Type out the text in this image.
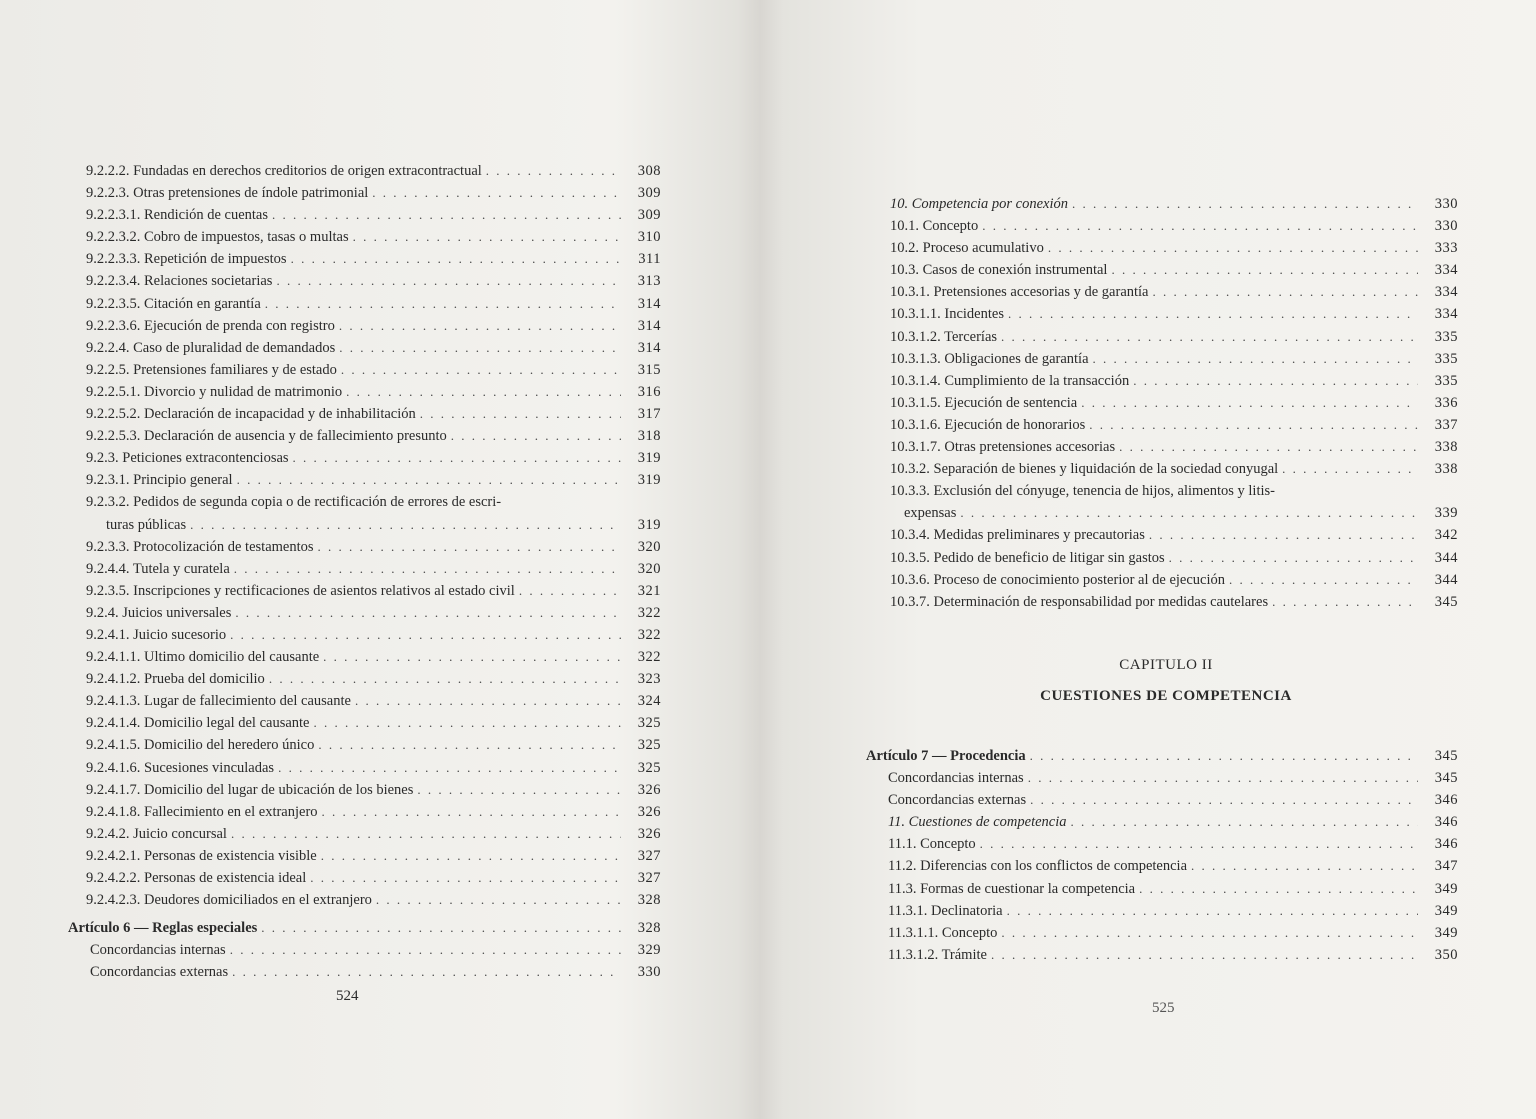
9.2.2.2. Fundadas en derechos creditorios de origen extracontractual . . .	308
9.2.2.3. Otras pretensiones de índole patrimonial . . .	309
9.2.2.3.1. Rendición de cuentas . . .	309
9.2.2.3.2. Cobro de impuestos, tasas o multas . . .	310
9.2.2.3.3. Repetición de impuestos . . .	311
9.2.2.3.4. Relaciones societarias . . .	313
9.2.2.3.5. Citación en garantía . . .	314
9.2.2.3.6. Ejecución de prenda con registro . . .	314
9.2.2.4. Caso de pluralidad de demandados . . .	314
9.2.2.5. Pretensiones familiares y de estado . . .	315
9.2.2.5.1. Divorcio y nulidad de matrimonio . . .	316
9.2.2.5.2. Declaración de incapacidad y de inhabilitación . . .	317
9.2.2.5.3. Declaración de ausencia y de fallecimiento presunto . . .	318
9.2.3. Peticiones extracontenciosas . . .	319
9.2.3.1. Principio general . . .	319
9.2.3.2. Pedidos de segunda copia o de rectificación de errores de escri-
turas públicas . . .	319
9.2.3.3. Protocolización de testamentos . . .	320
9.2.4.4. Tutela y curatela . . .	320
9.2.3.5. Inscripciones y rectificaciones de asientos relativos al estado civil . . .	321
9.2.4. Juicios universales . . .	322
9.2.4.1. Juicio sucesorio . . .	322
9.2.4.1.1. Ultimo domicilio del causante . . .	322
9.2.4.1.2. Prueba del domicilio . . .	323
9.2.4.1.3. Lugar de fallecimiento del causante . . .	324
9.2.4.1.4. Domicilio legal del causante . . .	325
9.2.4.1.5. Domicilio del heredero único . . .	325
9.2.4.1.6. Sucesiones vinculadas . . .	325
9.2.4.1.7. Domicilio del lugar de ubicación de los bienes . . .	326
9.2.4.1.8. Fallecimiento en el extranjero . . .	326
9.2.4.2. Juicio concursal . . .	326
9.2.4.2.1. Personas de existencia visible . . .	327
9.2.4.2.2. Personas de existencia ideal . . .	327
9.2.4.2.3. Deudores domiciliados en el extranjero . . .	328
Artículo 6 — Reglas especiales . . .	328
Concordancias internas . . .	329
Concordancias externas . . .	330
524
10. Competencia por conexión . . .	330
10.1. Concepto . . .	330
10.2. Proceso acumulativo . . .	333
10.3. Casos de conexión instrumental . . .	334
10.3.1. Pretensiones accesorias y de garantía . . .	334
10.3.1.1. Incidentes . . .	334
10.3.1.2. Tercerías . . .	335
10.3.1.3. Obligaciones de garantía . . .	335
10.3.1.4. Cumplimiento de la transacción . . .	335
10.3.1.5. Ejecución de sentencia . . .	336
10.3.1.6. Ejecución de honorarios . . .	337
10.3.1.7. Otras pretensiones accesorias . . .	338
10.3.2. Separación de bienes y liquidación de la sociedad conyugal . . .	338
10.3.3. Exclusión del cónyuge, tenencia de hijos, alimentos y litis-
expensas . . .	339
10.3.4. Medidas preliminares y precautorias . . .	342
10.3.5. Pedido de beneficio de litigar sin gastos . . .	344
10.3.6. Proceso de conocimiento posterior al de ejecución . . .	344
10.3.7. Determinación de responsabilidad por medidas cautelares . . .	345
CAPITULO II
CUESTIONES DE COMPETENCIA
Artículo 7 — Procedencia . . .	345
Concordancias internas . . .	345
Concordancias externas . . .	346
11. Cuestiones de competencia . . .	346
11.1. Concepto . . .	346
11.2. Diferencias con los conflictos de competencia . . .	347
11.3. Formas de cuestionar la competencia . . .	349
11.3.1. Declinatoria . . .	349
11.3.1.1. Concepto . . .	349
11.3.1.2. Trámite . . .	350
525
